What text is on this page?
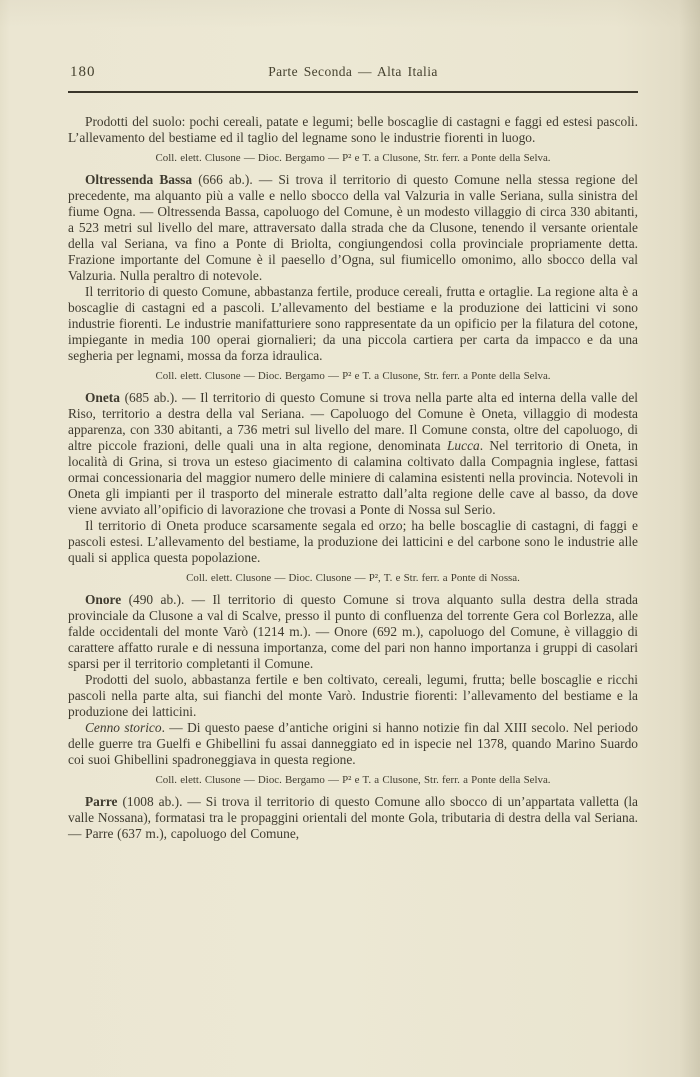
180	Parte Seconda — Alta Italia

Prodotti del suolo: pochi cereali, patate e legumi; belle boscaglie di castagni e faggi ed estesi pascoli. L’allevamento del bestiame ed il taglio del legname sono le industrie fiorenti in luogo.

Coll. elett. Clusone — Dioc. Bergamo — P² e T. a Clusone, Str. ferr. a Ponte della Selva.

Oltressenda Bassa (666 ab.). — Si trova il territorio di questo Comune nella stessa regione del precedente, ma alquanto più a valle e nello sbocco della val Valzuria in valle Seriana, sulla sinistra del fiume Ogna. — Oltressenda Bassa, capoluogo del Comune, è un modesto villaggio di circa 330 abitanti, a 523 metri sul livello del mare, attraversato dalla strada che da Clusone, tenendo il versante orientale della val Seriana, va fino a Ponte di Briolta, congiungendosi colla provinciale propriamente detta. Frazione importante del Comune è il paesello d’Ogna, sul fiumicello omonimo, allo sbocco della val Valzuria. Nulla peraltro di notevole.

Il territorio di questo Comune, abbastanza fertile, produce cereali, frutta e ortaglie. La regione alta è a boscaglie di castagni ed a pascoli. L’allevamento del bestiame e la produzione dei latticini vi sono industrie fiorenti. Le industrie manifatturiere sono rappresentate da un opificio per la filatura del cotone, impiegante in media 100 operai giornalieri; da una piccola cartiera per carta da impacco e da una segheria per legnami, mossa da forza idraulica.

Coll. elett. Clusone — Dioc. Bergamo — P² e T. a Clusone, Str. ferr. a Ponte della Selva.

Oneta (685 ab.). — Il territorio di questo Comune si trova nella parte alta ed interna della valle del Riso, territorio a destra della val Seriana. — Capoluogo del Comune è Oneta, villaggio di modesta apparenza, con 330 abitanti, a 736 metri sul livello del mare. Il Comune consta, oltre del capoluogo, di altre piccole frazioni, delle quali una in alta regione, denominata Lucca. Nel territorio di Oneta, in località di Grina, si trova un esteso giacimento di calamina coltivato dalla Compagnia inglese, fattasi ormai concessionaria del maggior numero delle miniere di calamina esistenti nella provincia. Notevoli in Oneta gli impianti per il trasporto del minerale estratto dall’alta regione delle cave al basso, da dove viene avviato all’opificio di lavorazione che trovasi a Ponte di Nossa sul Serio.

Il territorio di Oneta produce scarsamente segala ed orzo; ha belle boscaglie di castagni, di faggi e pascoli estesi. L’allevamento del bestiame, la produzione dei latticini e del carbone sono le industrie alle quali si applica questa popolazione.

Coll. elett. Clusone — Dioc. Clusone — P², T. e Str. ferr. a Ponte di Nossa.

Onore (490 ab.). — Il territorio di questo Comune si trova alquanto sulla destra della strada provinciale da Clusone a val di Scalve, presso il punto di confluenza del torrente Gera col Borlezza, alle falde occidentali del monte Varò (1214 m.). — Onore (692 m.), capoluogo del Comune, è villaggio di carattere affatto rurale e di nessuna importanza, come del pari non hanno importanza i gruppi di casolari sparsi per il territorio completanti il Comune.

Prodotti del suolo, abbastanza fertile e ben coltivato, cereali, legumi, frutta; belle boscaglie e ricchi pascoli nella parte alta, sui fianchi del monte Varò. Industrie fiorenti: l’allevamento del bestiame e la produzione dei latticini.

Cenno storico. — Di questo paese d’antiche origini si hanno notizie fin dal XIII secolo. Nel periodo delle guerre tra Guelfi e Ghibellini fu assai danneggiato ed in ispecie nel 1378, quando Marino Suardo coi suoi Ghibellini spadroneggiava in questa regione.

Coll. elett. Clusone — Dioc. Bergamo — P² e T. a Clusone, Str. ferr. a Ponte della Selva.

Parre (1008 ab.). — Si trova il territorio di questo Comune allo sbocco di un’appartata valletta (la valle Nossana), formatasi tra le propaggini orientali del monte Gola, tributaria di destra della val Seriana. — Parre (637 m.), capoluogo del Comune,
